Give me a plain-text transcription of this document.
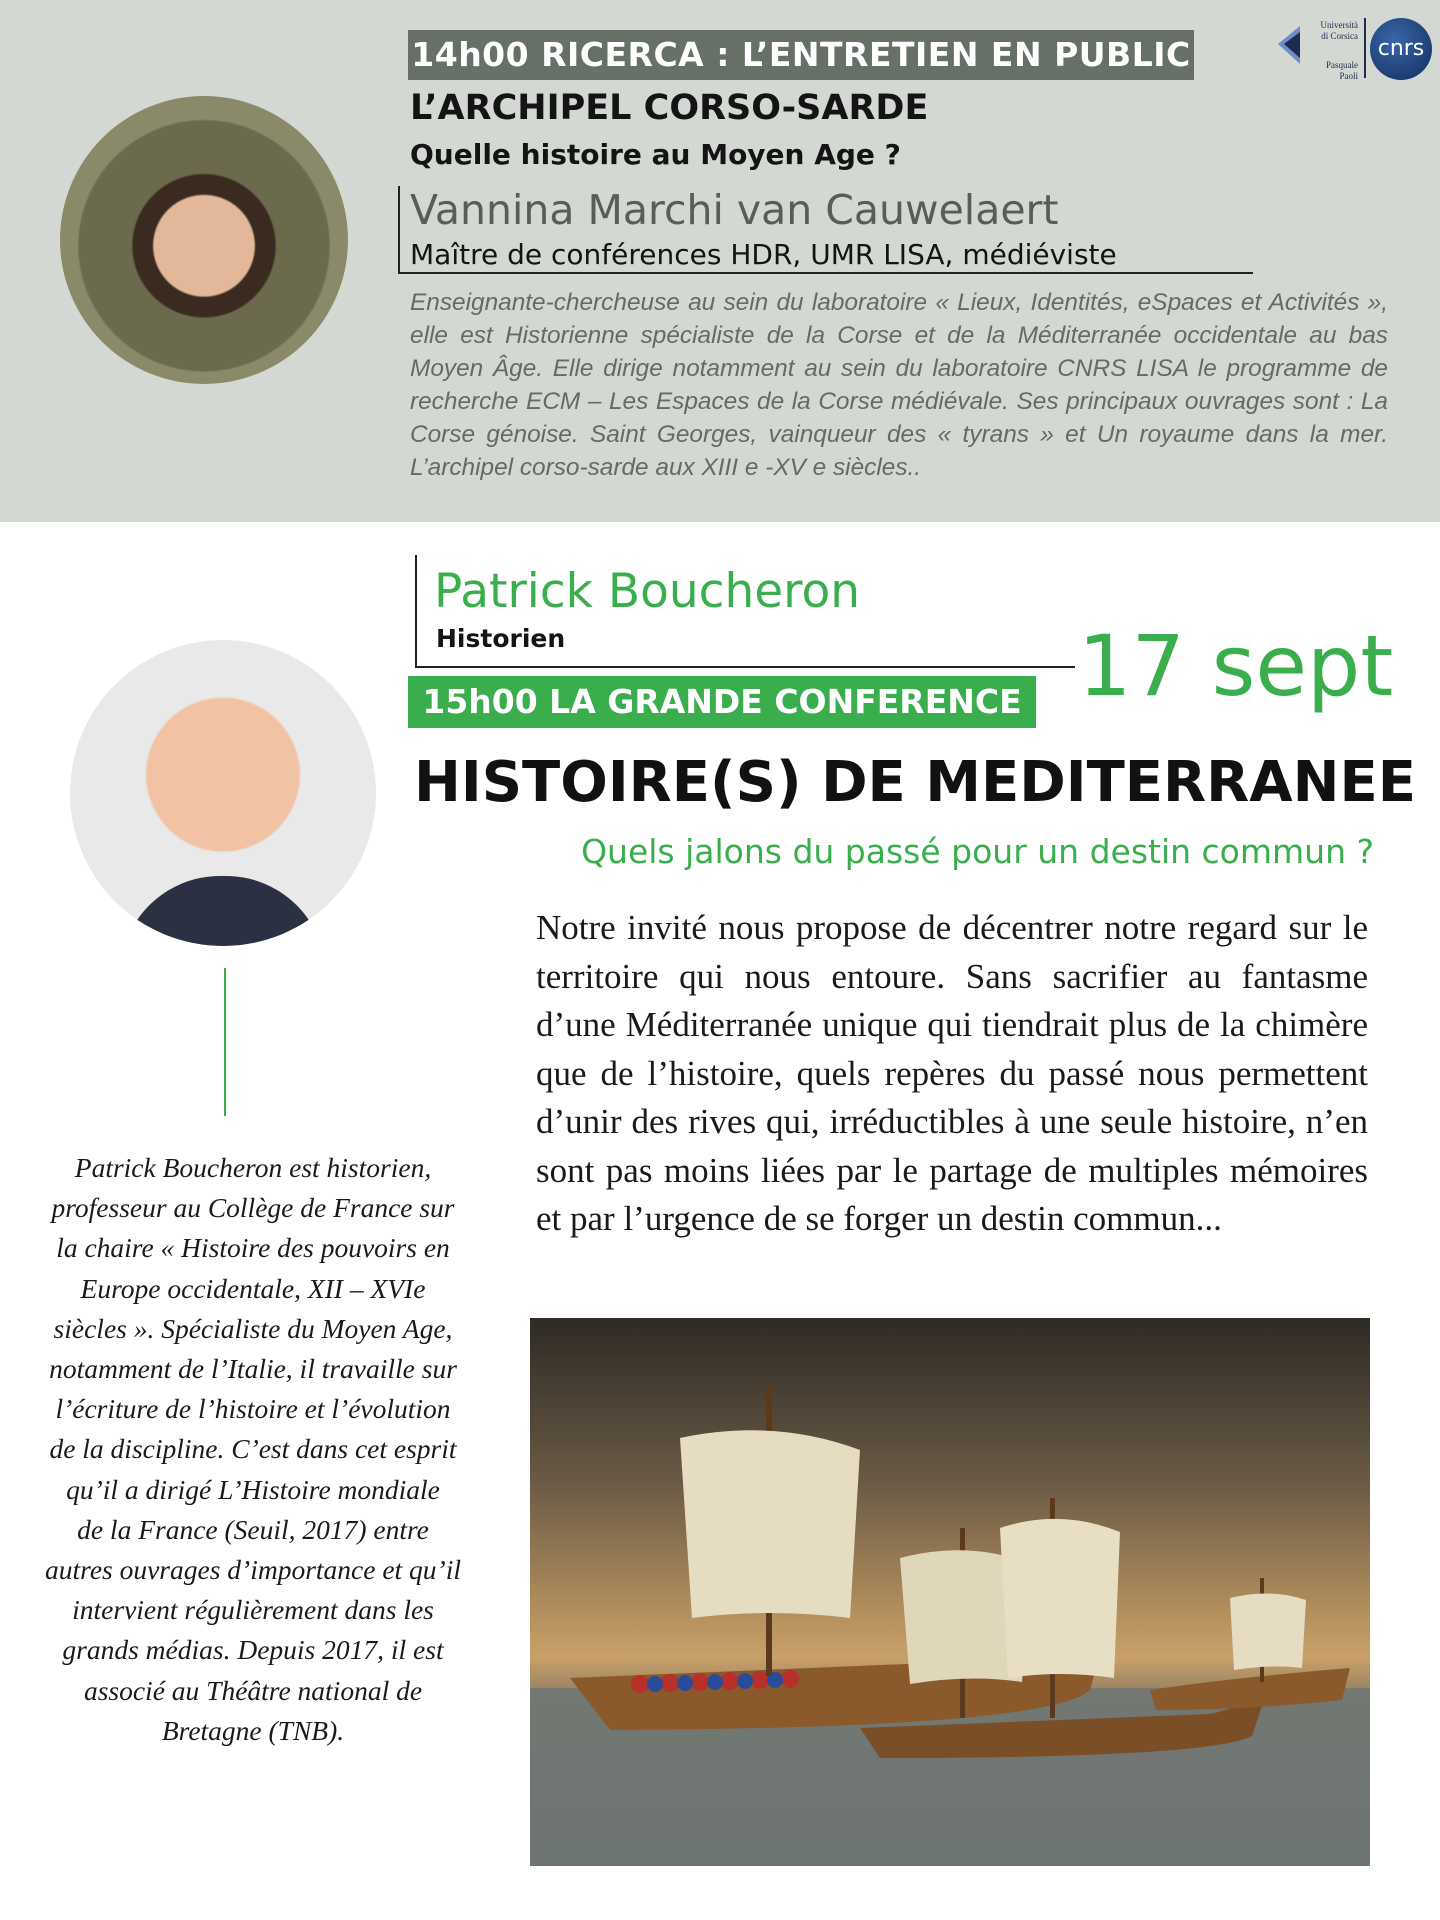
Università
di Corsica
Pasquale
Paoli
cnrs
14h00 RICERCA : L’ENTRETIEN EN PUBLIC
L’ARCHIPEL CORSO-SARDE
Quelle histoire au Moyen Age ?
Vannina Marchi van Cauwelaert
Maître de conférences HDR, UMR LISA, médiéviste
Enseignante-chercheuse au sein du laboratoire « Lieux, Identités, eSpaces et Activités », elle est Historienne spécialiste de la Corse et de la Méditerranée occidentale au bas Moyen Âge. Elle dirige notamment au sein du laboratoire CNRS LISA le programme de recherche ECM – Les Espaces de la Corse médiévale. Ses principaux ouvrages sont : La Corse génoise. Saint Georges, vainqueur des « tyrans » et Un royaume dans la mer. L’archipel corso-sarde aux XIII e -XV e siècles..
Patrick Boucheron
Historien	17 sept
15h00 LA GRANDE CONFERENCE
HISTOIRE(S) DE MEDITERRANEE
Quels jalons du passé pour un destin commun ?
Notre invité nous propose de décentrer notre regard sur le territoire qui nous entoure. Sans sacrifier au fantasme d’une Méditerranée unique qui tiendrait plus de la chimère que de l’histoire, quels repères du passé nous permettent d’unir des rives qui, irréductibles à une seule histoire, n’en sont pas moins liées par le partage de multiples mémoires et par l’urgence de se forger un destin commun...
Patrick Boucheron est historien,
professeur au Collège de France sur
la chaire « Histoire des pouvoirs en
Europe occidentale, XII – XVIe
siècles ». Spécialiste du Moyen Age,
notamment de l’Italie, il travaille sur
l’écriture de l’histoire et l’évolution
de la discipline. C’est dans cet esprit
qu’il a dirigé L’Histoire mondiale
de la France (Seuil, 2017) entre
autres ouvrages d’importance et qu’il
intervient régulièrement dans les
grands médias. Depuis 2017, il est
associé au Théâtre national de
Bretagne (TNB).
